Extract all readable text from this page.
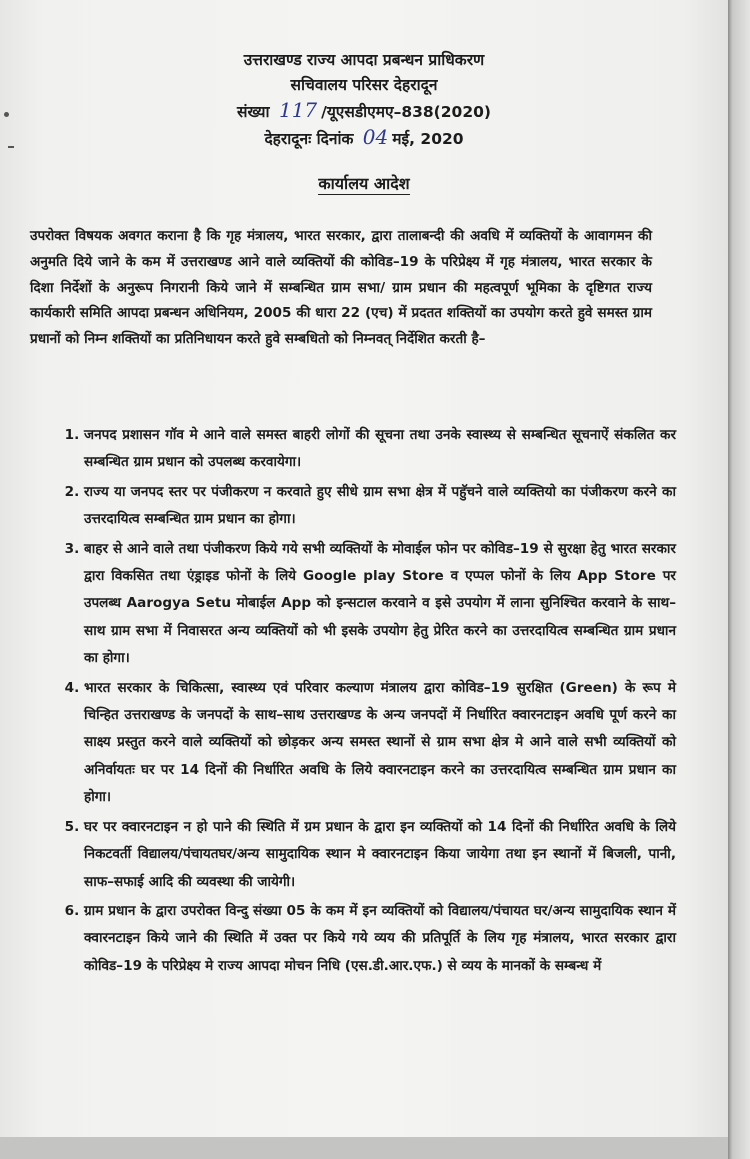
उत्तराखण्ड राज्य आपदा प्रबन्धन प्राधिकरण
सचिवालय परिसर देहरादून
संख्या 117 /यूएसडीएमए–838(2020)
देहरादूनः दिनांक 04 मई, 2020
कार्यालय आदेश
उपरोक्त विषयक अवगत कराना है कि गृह मंत्रालय, भारत सरकार, द्वारा तालाबन्दी की अवधि में व्यक्तियों के आवागमन की अनुमति दिये जाने के कम में उत्तराखण्ड आने वाले व्यक्तियों की कोविड–19 के परिप्रेक्ष्य में गृह मंत्रालय, भारत सरकार के दिशा निर्देशों के अनुरूप निगरानी किये जाने में सम्बन्धित ग्राम सभा/ ग्राम प्रधान की महत्वपूर्ण भूमिका के दृष्टिगत राज्य कार्यकारी समिति आपदा प्रबन्धन अधिनियम, 2005 की धारा 22 (एच) में प्रदतत शक्तियों का उपयोग करते हुवे समस्त ग्राम प्रधानों को निम्न शक्तियों का प्रतिनिधायन करते हुवे सम्बधितो को निम्नवत् निर्देशित करती है–
1. जनपद प्रशासन गॉव मे आने वाले समस्त बाहरी लोगों की सूचना तथा उनके स्वास्थ्य से सम्बन्धित सूचनाऐं संकलित कर सम्बन्धित ग्राम प्रधान को उपलब्ध करवायेगा।
2. राज्य या जनपद स्तर पर पंजीकरण न करवाते हुए सीधे ग्राम सभा क्षेत्र में पहुॅचने वाले व्यक्तियो का पंजीकरण करने का उत्तरदायित्व सम्बन्धित ग्राम प्रधान का होगा।
3. बाहर से आने वाले तथा पंजीकरण किये गये सभी व्यक्तियों के मोवाईल फोन पर कोविड–19 से सुरक्षा हेतु भारत सरकार द्वारा विकसित तथा एंड्राइड फोनों के लिये Google play Store व एप्पल फोनों के लिय App Store पर उपलब्ध Aarogya Setu मोबाईल App को इन्सटाल करवाने व इसे उपयोग में लाना सुनिश्चित करवाने के साथ–साथ ग्राम सभा में निवासरत अन्य व्यक्तियों को भी इसके उपयोग हेतु प्रेरित करने का उत्तरदायित्व सम्बन्धित ग्राम प्रधान का होगा।
4. भारत सरकार के चिकित्सा, स्वास्थ्य एवं परिवार कल्याण मंत्रालय द्वारा कोविड–19 सुरक्षित (Green) के रूप मे चिन्हित उत्तराखण्ड के जनपदों के साथ–साथ उत्तराखण्ड के अन्य जनपदों में निर्धारित क्वारनटाइन अवधि पूर्ण करने का साक्ष्य प्रस्तुत करने वाले व्यक्तियों को छोड़कर अन्य समस्त स्थानों से ग्राम सभा क्षेत्र मे आने वाले सभी व्यक्तियों को अनिर्वायतः घर पर 14 दिनों की निर्धारित अवधि के लिये क्वारनटाइन करने का उत्तरदायित्व सम्बन्धित ग्राम प्रधान का होगा।
5. घर पर क्वारनटाइन न हो पाने की स्थिति में ग्रम प्रधान के द्वारा इन व्यक्तियों को 14 दिनों की निर्धारित अवधि के लिये निकटवर्ती विद्यालय/पंचायतघर/अन्य सामुदायिक स्थान मे क्वारनटाइन किया जायेगा तथा इन स्थानों में बिजली, पानी, साफ–सफाई आदि की व्यवस्था की जायेगी।
6. ग्राम प्रधान के द्वारा उपरोक्त विन्दु संख्या 05 के कम में इन व्यक्तियों को विद्यालय/पंचायत घर/अन्य सामुदायिक स्थान में क्वारनटाइन किये जाने की स्थिति में उक्त पर किये गये व्यय की प्रतिपूर्ति के लिय गृह मंत्रालय, भारत सरकार द्वारा कोविड–19 के परिप्रेक्ष्य मे राज्य आपदा मोचन निधि (एस.डी.आर.एफ.) से व्यय के मानकों के सम्बन्ध में
